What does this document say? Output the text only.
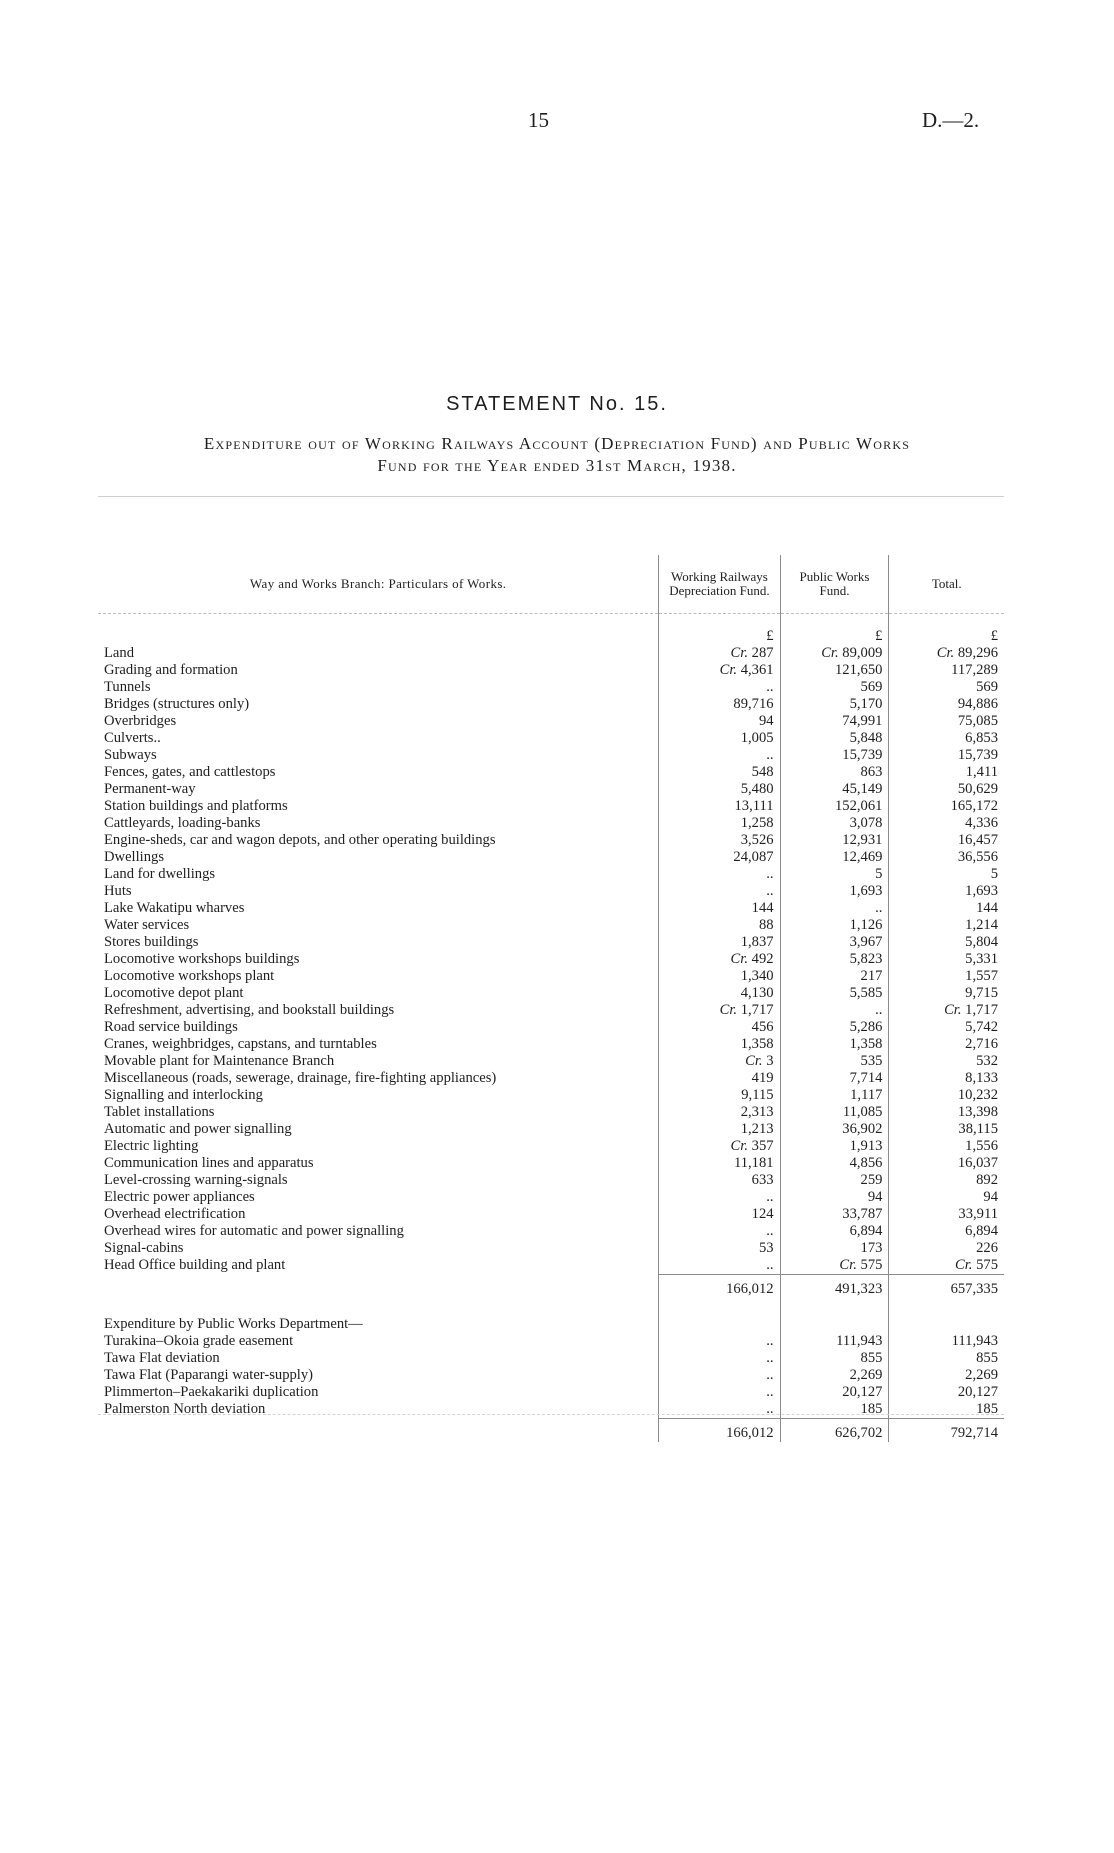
15	D.—2.
STATEMENT No. 15.
Expenditure out of Working Railways Account (Depreciation Fund) and Public Works
Fund for the Year ended 31st March, 1938.

Way and Works Branch: Particulars of Works.	Working Railways Depreciation Fund.	Public Works Fund.	Total.
	£	£	£
Land	Cr. 287	Cr. 89,009	Cr. 89,296
Grading and formation	Cr. 4,361	121,650	117,289
Tunnels	..	569	569
Bridges (structures only)	89,716	5,170	94,886
Overbridges	94	74,991	75,085
Culverts..	1,005	5,848	6,853
Subways	..	15,739	15,739
Fences, gates, and cattlestops	548	863	1,411
Permanent-way	5,480	45,149	50,629
Station buildings and platforms	13,111	152,061	165,172
Cattleyards, loading-banks	1,258	3,078	4,336
Engine-sheds, car and wagon depots, and other operating buildings	3,526	12,931	16,457
Dwellings	24,087	12,469	36,556
Land for dwellings	..	5	5
Huts	..	1,693	1,693
Lake Wakatipu wharves	144	..	144
Water services	88	1,126	1,214
Stores buildings	1,837	3,967	5,804
Locomotive workshops buildings	Cr. 492	5,823	5,331
Locomotive workshops plant	1,340	217	1,557
Locomotive depot plant	4,130	5,585	9,715
Refreshment, advertising, and bookstall buildings	Cr. 1,717	..	Cr. 1,717
Road service buildings	456	5,286	5,742
Cranes, weighbridges, capstans, and turntables	1,358	1,358	2,716
Movable plant for Maintenance Branch	Cr. 3	535	532
Miscellaneous (roads, sewerage, drainage, fire-fighting appliances)	419	7,714	8,133
Signalling and interlocking	9,115	1,117	10,232
Tablet installations	2,313	11,085	13,398
Automatic and power signalling	1,213	36,902	38,115
Electric lighting	Cr. 357	1,913	1,556
Communication lines and apparatus	11,181	4,856	16,037
Level-crossing warning-signals	633	259	892
Electric power appliances	..	94	94
Overhead electrification	124	33,787	33,911
Overhead wires for automatic and power signalling	..	6,894	6,894
Signal-cabins	53	173	226
Head Office building and plant	..	Cr. 575	Cr. 575
	166,012	491,323	657,335
Expenditure by Public Works Department—			
Turakina–Okoia grade easement	..	111,943	111,943
Tawa Flat deviation	..	855	855
Tawa Flat (Paparangi water-supply)	..	2,269	2,269
Plimmerton–Paekakariki duplication	..	20,127	20,127
Palmerston North deviation	..	185	185
	166,012	626,702	792,714
